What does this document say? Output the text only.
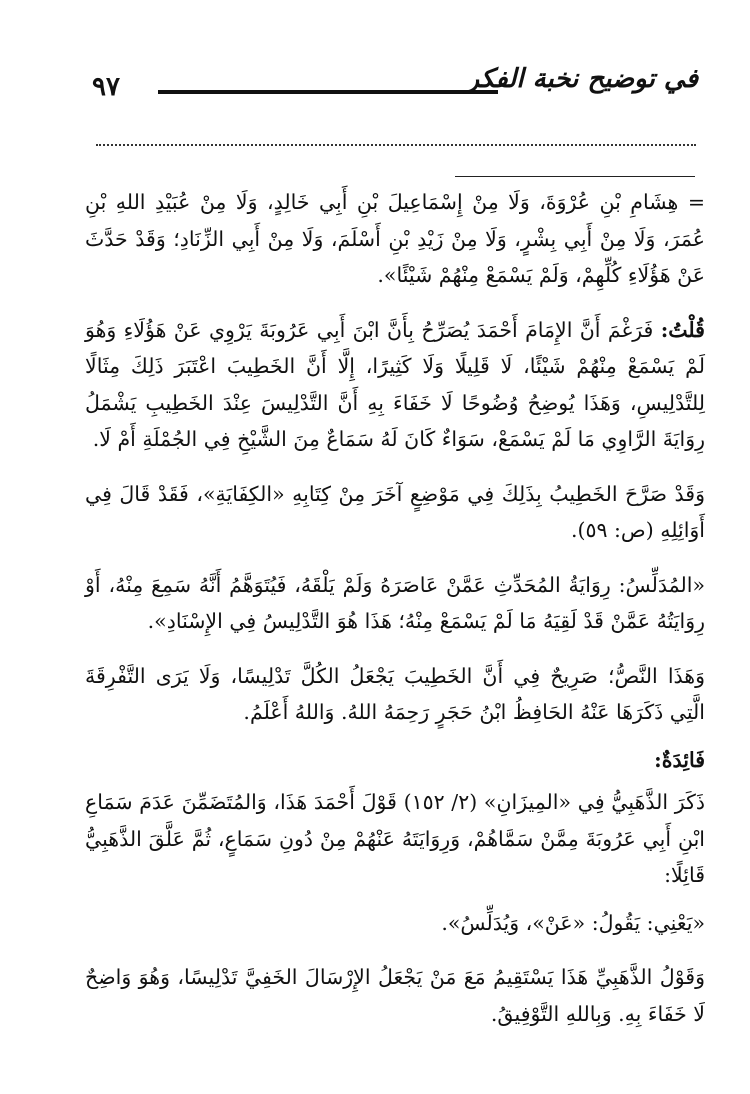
٩٧	في توضيح نخبة الفكر

= هِشَامِ بْنِ عُرْوَةَ، وَلَا مِنْ إِسْمَاعِيلَ بْنِ أَبِي خَالِدٍ، وَلَا مِنْ عُبَيْدِ اللهِ بْنِ عُمَرَ، وَلَا مِنْ أَبِي بِشْرٍ، وَلَا مِنْ زَيْدِ بْنِ أَسْلَمَ، وَلَا مِنْ أَبِي الزِّنَادِ؛ وَقَدْ حَدَّثَ عَنْ هَؤُلَاءِ كُلِّهِمْ، وَلَمْ يَسْمَعْ مِنْهُمْ شَيْئًا».

قُلْتُ: فَرَغْمَ أَنَّ الإِمَامَ أَحْمَدَ يُصَرِّحُ بِأَنَّ ابْنَ أَبِي عَرُوبَةَ يَرْوِي عَنْ هَؤُلَاءِ وَهُوَ لَمْ يَسْمَعْ مِنْهُمْ شَيْئًا، لَا قَلِيلًا وَلَا كَثِيرًا، إِلَّا أَنَّ الخَطِيبَ اعْتَبَرَ ذَلِكَ مِثَالًا لِلتَّدْلِيسِ، وَهَذَا يُوضِحُ وُضُوحًا لَا خَفَاءَ بِهِ أَنَّ التَّدْلِيسَ عِنْدَ الخَطِيبِ يَشْمَلُ رِوَايَةَ الرَّاوِي مَا لَمْ يَسْمَعْ، سَوَاءٌ كَانَ لَهُ سَمَاعٌ مِنَ الشَّيْخِ فِي الجُمْلَةِ أَمْ لَا.

وَقَدْ صَرَّحَ الخَطِيبُ بِذَلِكَ فِي مَوْضِعٍ آخَرَ مِنْ كِتَابِهِ «الكِفَايَةِ»، فَقَدْ قَالَ فِي أَوَائِلِهِ (ص: ٥٩).

«المُدَلِّسُ: رِوَايَةُ المُحَدِّثِ عَمَّنْ عَاصَرَهُ وَلَمْ يَلْقَهُ، فَيُتَوَهَّمُ أَنَّهُ سَمِعَ مِنْهُ، أَوْ رِوَايَتُهُ عَمَّنْ قَدْ لَقِيَهُ مَا لَمْ يَسْمَعْ مِنْهُ؛ هَذَا هُوَ التَّدْلِيسُ فِي الإِسْنَادِ».

وَهَذَا النَّصُّ؛ صَرِيحٌ فِي أَنَّ الخَطِيبَ يَجْعَلُ الكُلَّ تَدْلِيسًا، وَلَا يَرَى التَّفْرِقَةَ الَّتِي ذَكَرَهَا عَنْهُ الحَافِظُ ابْنُ حَجَرٍ رَحِمَهُ اللهُ. وَاللهُ أَعْلَمُ.

فَائِدَةٌ:

ذَكَرَ الذَّهَبِيُّ فِي «المِيزَانِ» (٢/ ١٥٢) قَوْلَ أَحْمَدَ هَذَا، وَالمُتَضَمِّنَ عَدَمَ سَمَاعِ ابْنِ أَبِي عَرُوبَةَ مِمَّنْ سَمَّاهُمْ، وَرِوَايَتَهُ عَنْهُمْ مِنْ دُونِ سَمَاعٍ، ثُمَّ عَلَّقَ الذَّهَبِيُّ قَائِلًا:

«يَعْنِي: يَقُولُ: «عَنْ»، وَيُدَلِّسُ».

وَقَوْلُ الذَّهَبِيِّ هَذَا يَسْتَقِيمُ مَعَ مَنْ يَجْعَلُ الإِرْسَالَ الخَفِيَّ تَدْلِيسًا، وَهُوَ وَاضِحٌ لَا خَفَاءَ بِهِ. وَبِاللهِ التَّوْفِيقُ.
